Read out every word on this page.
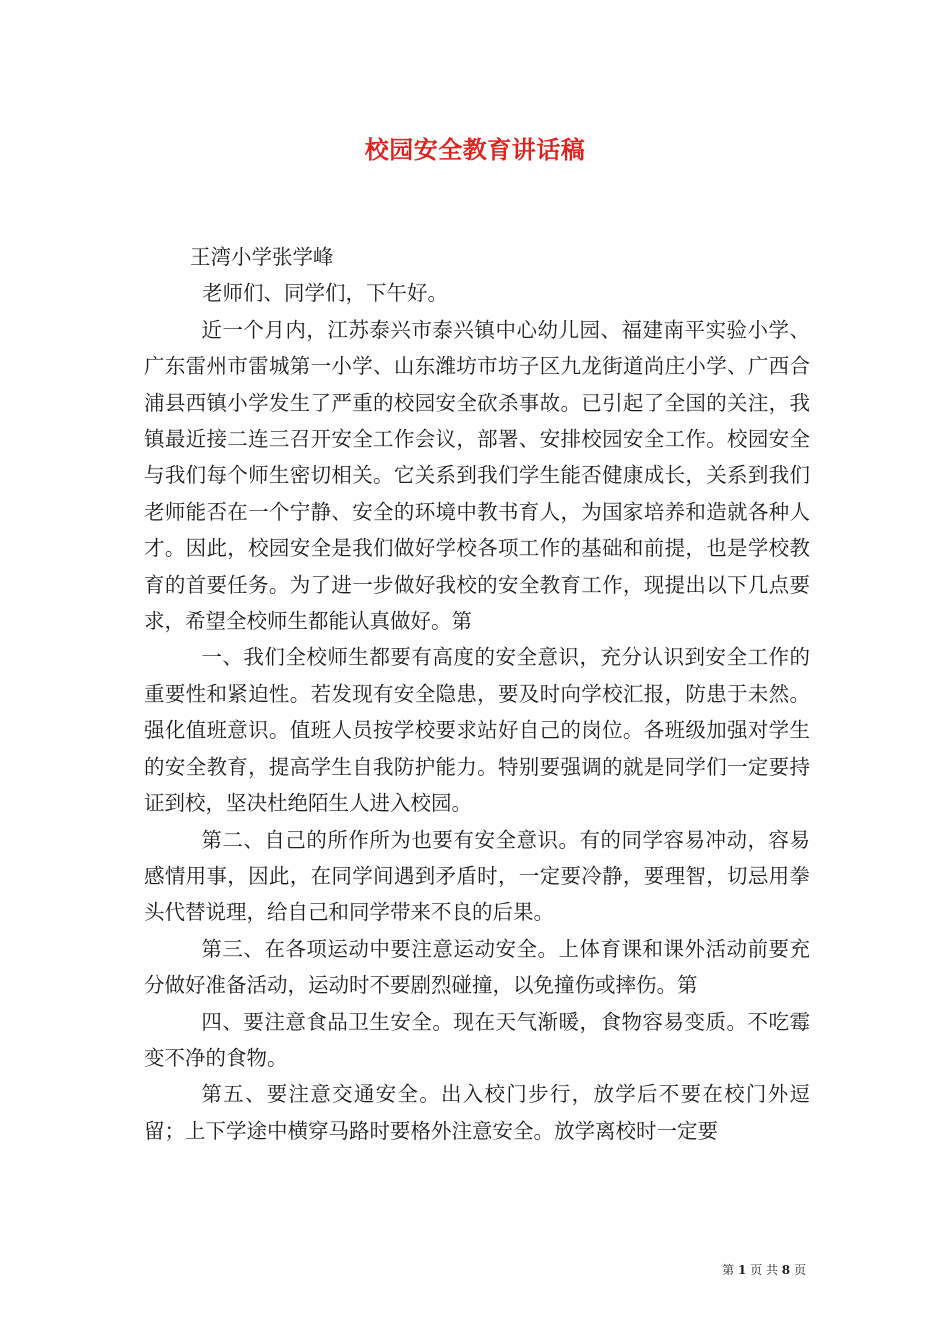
校园安全教育讲话稿

王湾小学张学峰

老师们、同学们，下午好。

近一个月内，江苏泰兴市泰兴镇中心幼儿园、福建南平实验小学、广东雷州市雷城第一小学、山东潍坊市坊子区九龙街道尚庄小学、广西合浦县西镇小学发生了严重的校园安全砍杀事故。已引起了全国的关注，我镇最近接二连三召开安全工作会议，部署、安排校园安全工作。校园安全与我们每个师生密切相关。它关系到我们学生能否健康成长，关系到我们老师能否在一个宁静、安全的环境中教书育人，为国家培养和造就各种人才。因此，校园安全是我们做好学校各项工作的基础和前提，也是学校教育的首要任务。为了进一步做好我校的安全教育工作，现提出以下几点要求，希望全校师生都能认真做好。第

一、我们全校师生都要有高度的安全意识，充分认识到安全工作的重要性和紧迫性。若发现有安全隐患，要及时向学校汇报，防患于未然。强化值班意识。值班人员按学校要求站好自己的岗位。各班级加强对学生的安全教育，提高学生自我防护能力。特别要强调的就是同学们一定要持证到校，坚决杜绝陌生人进入校园。

第二、自己的所作所为也要有安全意识。有的同学容易冲动，容易感情用事，因此，在同学间遇到矛盾时，一定要冷静，要理智，切忌用拳头代替说理，给自己和同学带来不良的后果。

第三、在各项运动中要注意运动安全。上体育课和课外活动前要充分做好准备活动，运动时不要剧烈碰撞，以免撞伤或摔伤。第

四、要注意食品卫生安全。现在天气渐暖，食物容易变质。不吃霉变不净的食物。

第五、要注意交通安全。出入校门步行，放学后不要在校门外逗留；上下学途中横穿马路时要格外注意安全。放学离校时一定要

第 1 页 共 8 页
